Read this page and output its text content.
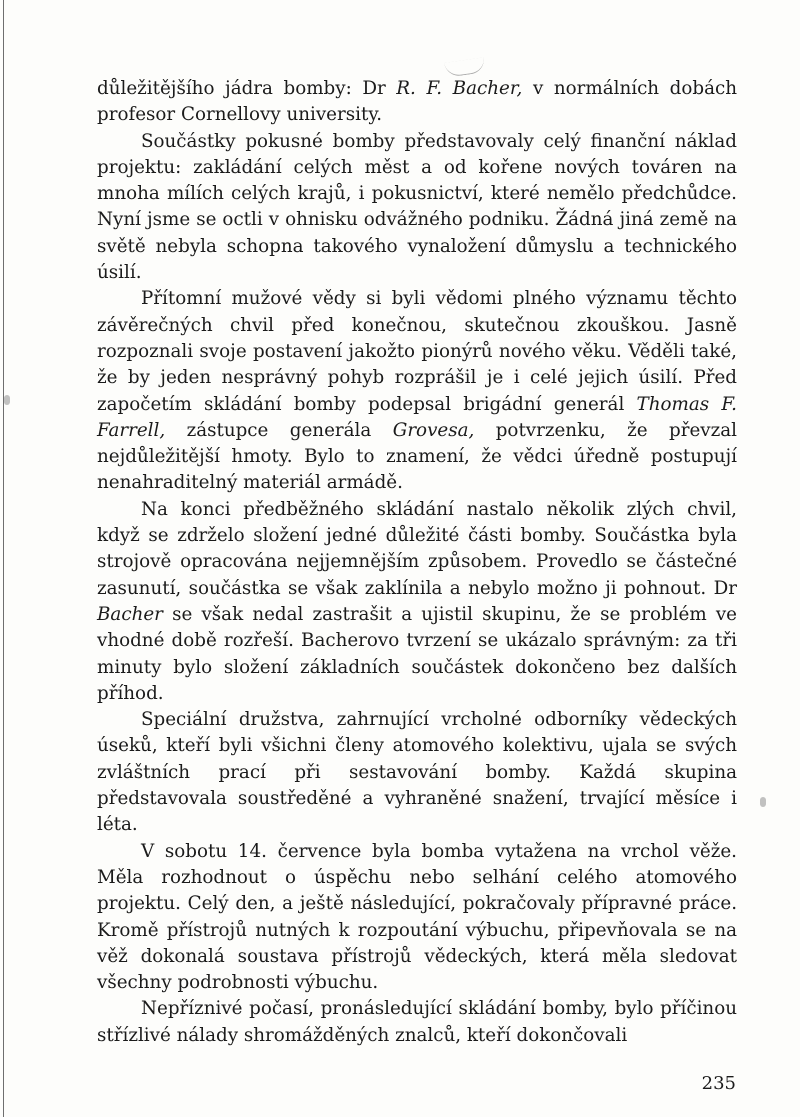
důležitějšího jádra bomby: Dr R. F. Bacher, v normálních dobách profesor Cornellovy university.

Součástky pokusné bomby představovaly celý finanční náklad projektu: zakládání celých měst a od kořene nových továren na mnoha mílích celých krajů, i pokusnictví, které nemělo předchůdce. Nyní jsme se octli v ohnisku odvážného podniku. Žádná jiná země na světě nebyla schopna takového vynaložení důmyslu a technického úsilí.

Přítomní mužové vědy si byli vědomi plného významu těchto závěrečných chvil před konečnou, skutečnou zkouškou. Jasně rozpoznali svoje postavení jakožto pionýrů nového věku. Věděli také, že by jeden nesprávný pohyb rozprášil je i celé jejich úsilí. Před započetím skládání bomby podepsal brigádní generál Thomas F. Farrell, zástupce generála Grovesa, potvrzenku, že převzal nejdůležitější hmoty. Bylo to znamení, že vědci úředně postupují nenahraditelný materiál armádě.

Na konci předběžného skládání nastalo několik zlých chvil, když se zdrželo složení jedné důležité části bomby. Součástka byla strojově opracována nejjemnějším způsobem. Provedlo se částečné zasunutí, součástka se však zaklínila a nebylo možno ji pohnout. Dr Bacher se však nedal zastrašit a ujistil skupinu, že se problém ve vhodné době rozřeší. Bacherovo tvrzení se ukázalo správným: za tři minuty bylo složení základních součástek dokončeno bez dalších příhod.

Speciální družstva, zahrnující vrcholné odborníky vědeckých úseků, kteří byli všichni členy atomového kolektivu, ujala se svých zvláštních prací při sestavování bomby. Každá skupina představovala soustředěné a vyhraněné snažení, trvající měsíce i léta.

V sobotu 14. července byla bomba vytažena na vrchol věže. Měla rozhodnout o úspěchu nebo selhání celého atomového projektu. Celý den, a ještě následující, pokračovaly přípravné práce. Kromě přístrojů nutných k rozpoutání výbuchu, připevňovala se na věž dokonalá soustava přístrojů vědeckých, která měla sledovat všechny podrobnosti výbuchu.

Nepříznivé počasí, pronásledující skládání bomby, bylo příčinou střízlivé nálady shromážděných znalců, kteří dokončovali

235
